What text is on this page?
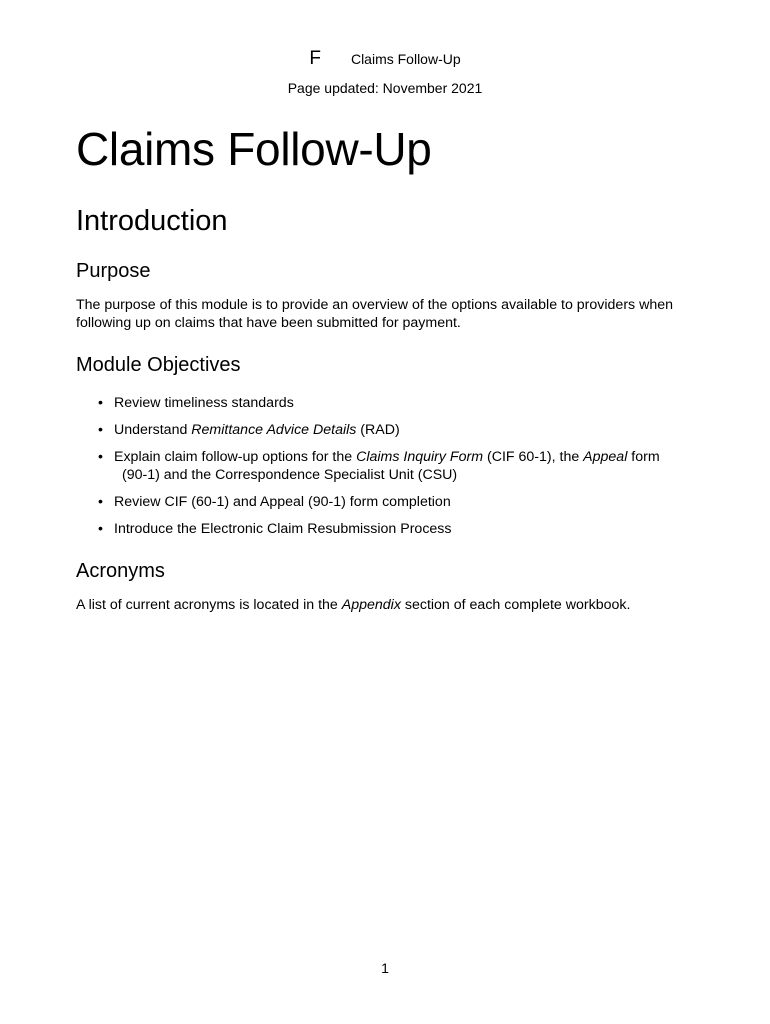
F Claims Follow-Up
Page updated: November 2021
Claims Follow-Up
Introduction
Purpose

The purpose of this module is to provide an overview of the options available to providers when following up on claims that have been submitted for payment.

Module Objectives
• Review timeliness standards
• Understand Remittance Advice Details (RAD)
• Explain claim follow-up options for the Claims Inquiry Form (CIF 60-1), the Appeal form
(90-1) and the Correspondence Specialist Unit (CSU)
• Review CIF (60-1) and Appeal (90-1) form completion
• Introduce the Electronic Claim Resubmission Process
Acronyms

A list of current acronyms is located in the Appendix section of each complete workbook.

1
